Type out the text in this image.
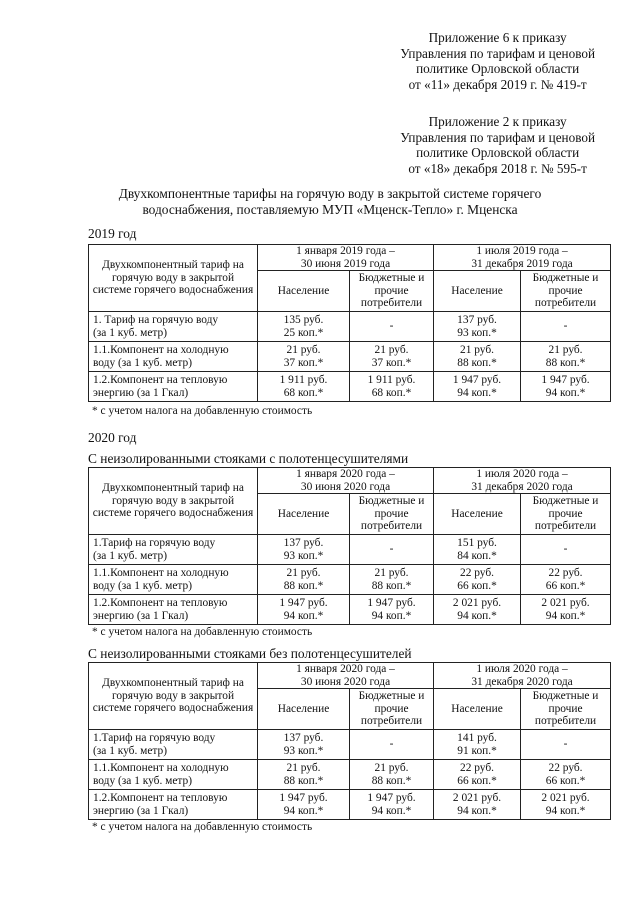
Приложение 6 к приказу
Управления по тарифам и ценовой
политике Орловской области
от «11» декабря 2019 г. № 419-т
Приложение 2 к приказу
Управления по тарифам и ценовой
политике Орловской области
от «18» декабря 2018 г. № 595-т
Двухкомпонентные тарифы на горячую воду в закрытой системе горячего
водоснабжения, поставляемую МУП «Мценск-Тепло» г. Мценска
2019 год
2020 год
С неизолированными стояками с полотенцесушителями
С неизолированными стояками без полотенцесушителей
Двухкомпонентный тариф на
горячую воду в закрытой
системе горячего водоснабжения	1 января 2019 года –
30 июня 2019 года		1 июля 2019 года –
31 декабря 2019 года	

	Население	Бюджетные и
прочие
потребители	Население	Бюджетные и
прочие
потребители

1. Тариф на горячую воду
(за 1 куб. метр)	135 руб.
25 коп.*	-	137 руб.
93 коп.*	-

1.1.Компонент на холодную
воду (за 1 куб. метр)	21 руб.
37 коп.*	21 руб.
37 коп.*	21 руб.
88 коп.*	21 руб.
88 коп.*

1.2.Компонент на тепловую
энергию (за 1 Гкал)	1 911 руб.
68 коп.*	1 911 руб.
68 коп.*	1 947 руб.
94 коп.*	1 947 руб.
94 коп.*
* с учетом налога на добавленную стоимость
Двухкомпонентный тариф на
горячую воду в закрытой
системе горячего водоснабжения	1 января 2020 года –
30 июня 2020 года		1 июля 2020 года –
31 декабря 2020 года	

	Население	Бюджетные и
прочие
потребители	Население	Бюджетные и
прочие
потребители

1.Тариф на горячую воду
(за 1 куб. метр)	137 руб.
93 коп.*	-	151 руб.
84 коп.*	-

1.1.Компонент на холодную
воду (за 1 куб. метр)	21 руб.
88 коп.*	21 руб.
88 коп.*	22 руб.
66 коп.*	22 руб.
66 коп.*

1.2.Компонент на тепловую
энергию (за 1 Гкал)	1 947 руб.
94 коп.*	1 947 руб.
94 коп.*	2 021 руб.
94 коп.*	2 021 руб.
94 коп.*
* с учетом налога на добавленную стоимость
Двухкомпонентный тариф на
горячую воду в закрытой
системе горячего водоснабжения	1 января 2020 года –
30 июня 2020 года		1 июля 2020 года –
31 декабря 2020 года	

	Население	Бюджетные и
прочие
потребители	Население	Бюджетные и
прочие
потребители

1.Тариф на горячую воду
(за 1 куб. метр)	137 руб.
93 коп.*	-	141 руб.
91 коп.*	-

1.1.Компонент на холодную
воду (за 1 куб. метр)	21 руб.
88 коп.*	21 руб.
88 коп.*	22 руб.
66 коп.*	22 руб.
66 коп.*

1.2.Компонент на тепловую
энергию (за 1 Гкал)	1 947 руб.
94 коп.*	1 947 руб.
94 коп.*	2 021 руб.
94 коп.*	2 021 руб.
94 коп.*
* с учетом налога на добавленную стоимость
